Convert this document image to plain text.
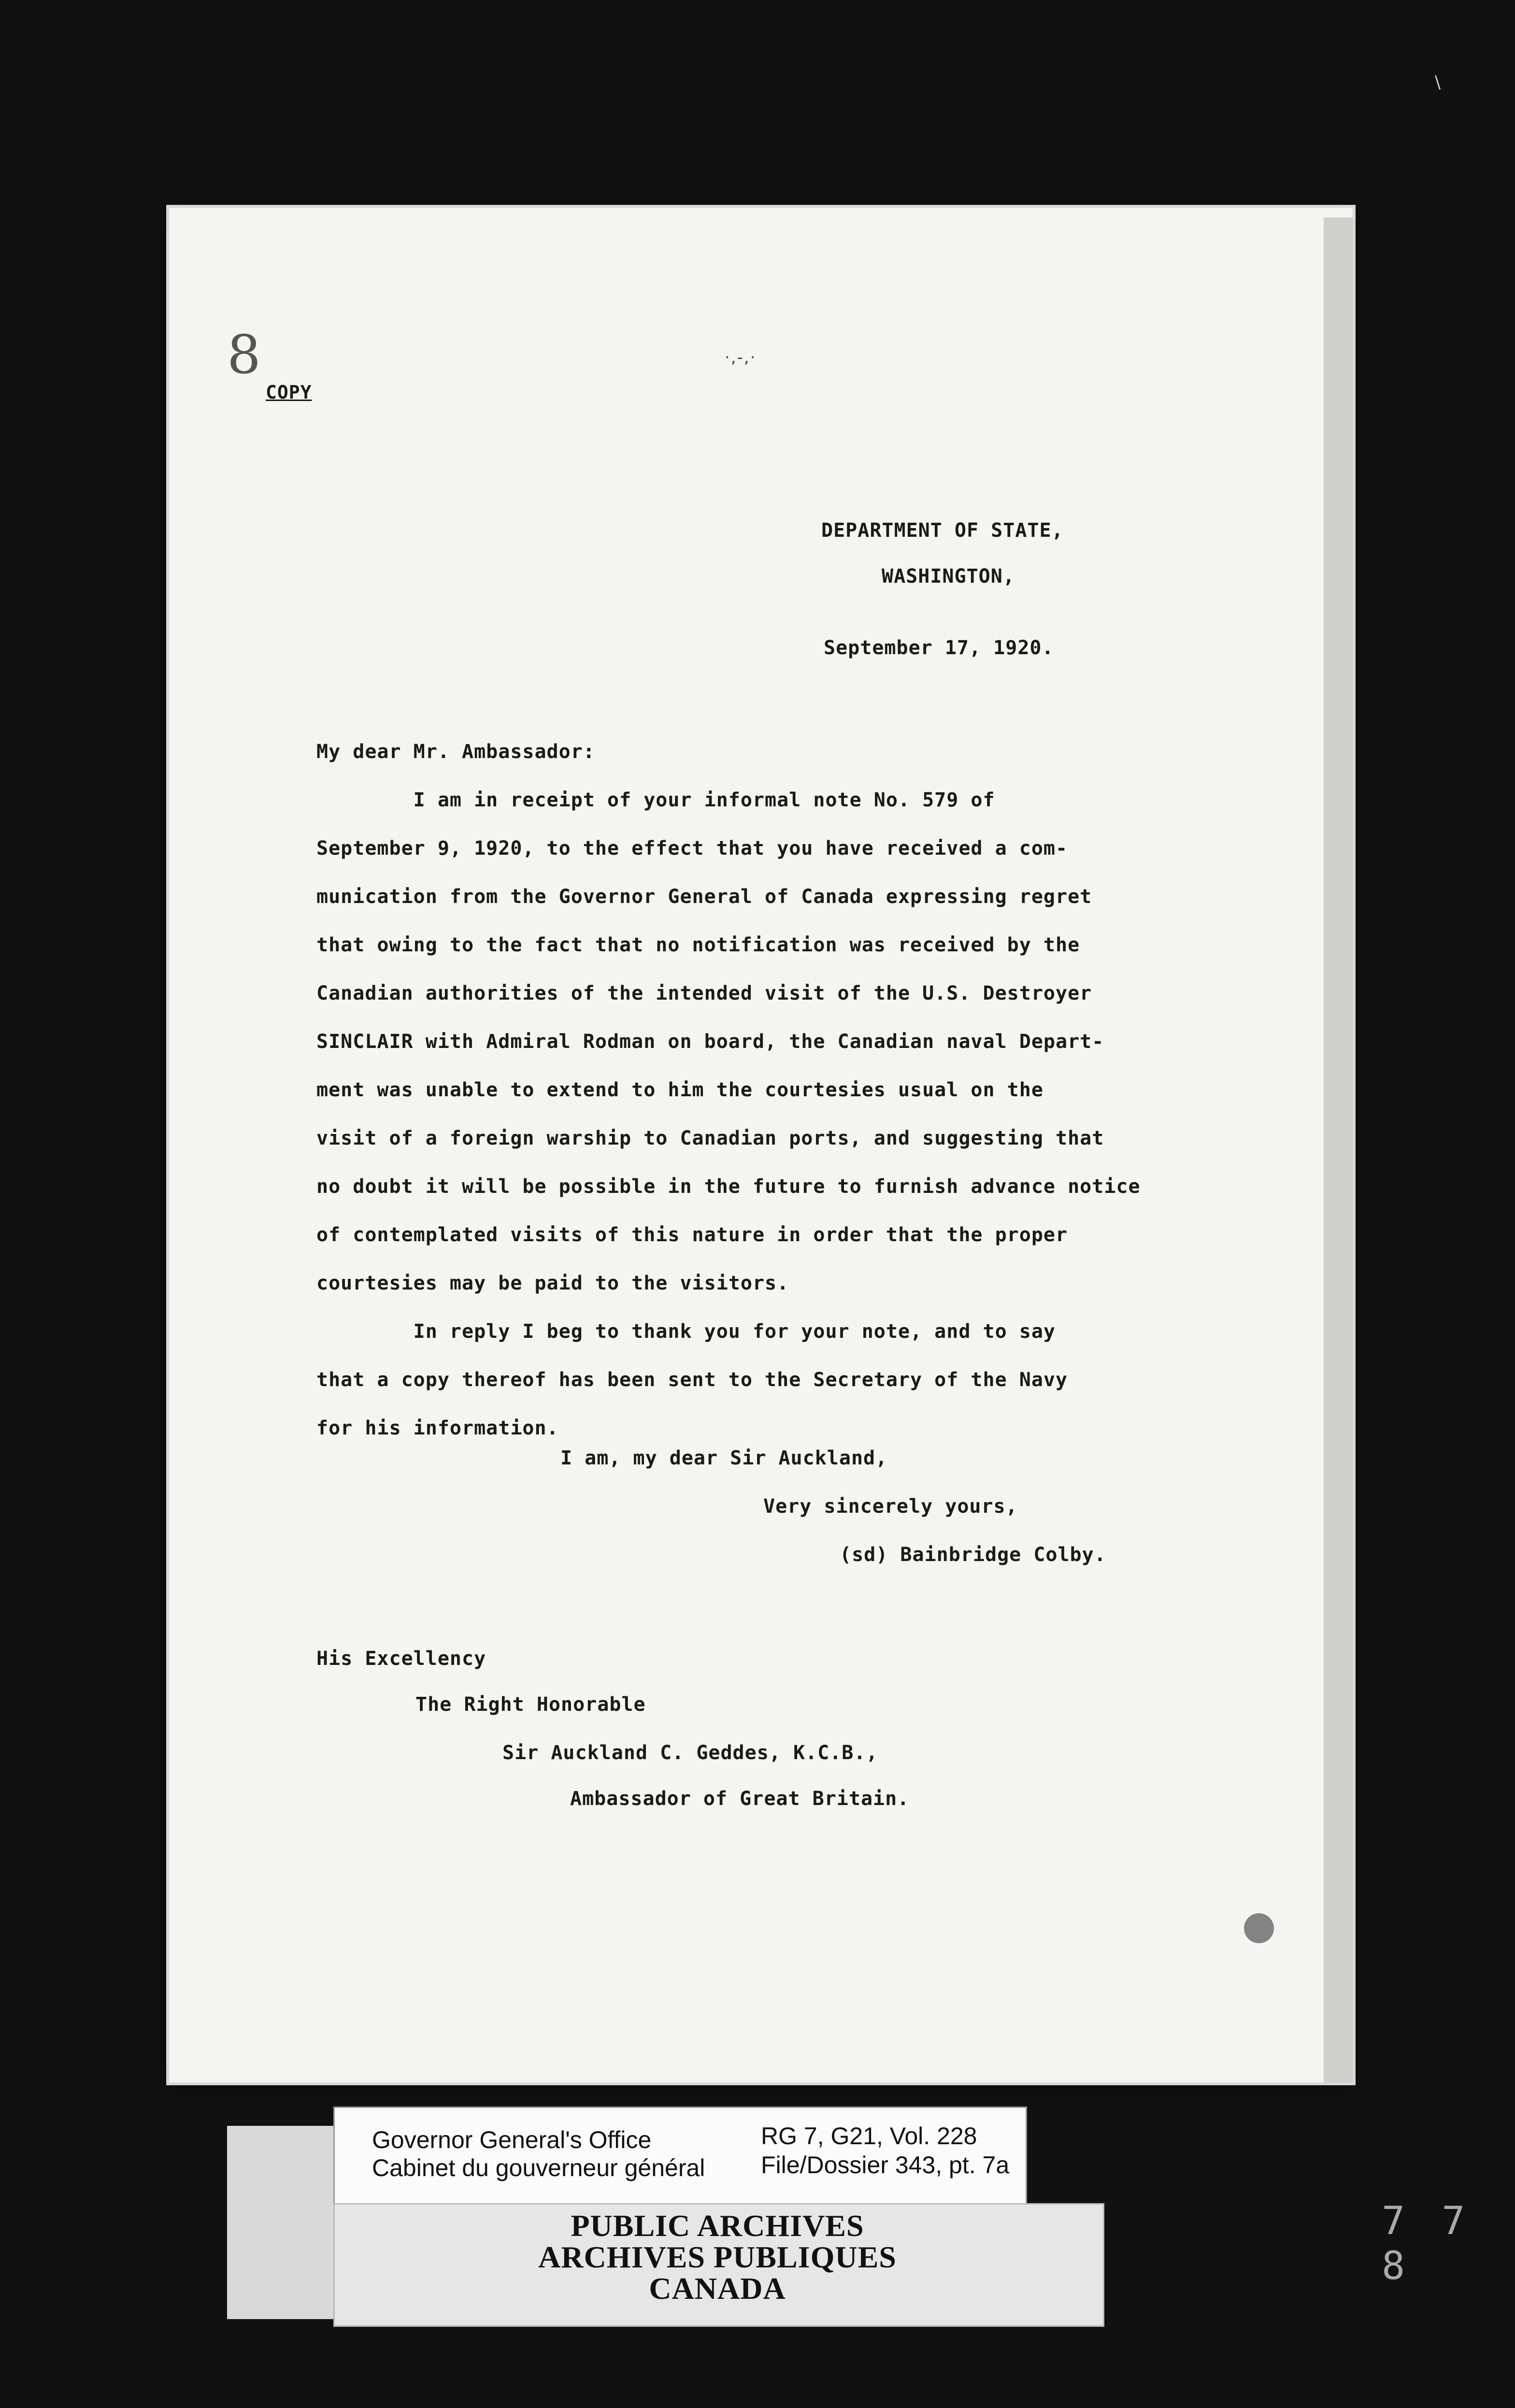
8	·,-,·
COPY
DEPARTMENT OF STATE,
WASHINGTON,
September 17, 1920.
My dear Mr. Ambassador:
I am in receipt of your informal note No. 579 of
September 9, 1920, to the effect that you have received a com-
munication from the Governor General of Canada expressing regret
that owing to the fact that no notification was received by the
Canadian authorities of the intended visit of the U.S. Destroyer
SINCLAIR with Admiral Rodman on board, the Canadian naval Depart-
ment was unable to extend to him the courtesies usual on the
visit of a foreign warship to Canadian ports, and suggesting that
no doubt it will be possible in the future to furnish advance notice
of contemplated visits of this nature in order that the proper
courtesies may be paid to the visitors.
In reply I beg to thank you for your note, and to say
that a copy thereof has been sent to the Secretary of the Navy
for his information.
I am, my dear Sir Auckland,
Very sincerely yours,
(sd) Bainbridge Colby.
His Excellency
The Right Honorable
Sir Auckland C. Geddes, K.C.B.,
Ambassador of Great Britain.
Governor General's Office
Cabinet du gouverneur général
RG 7, G21, Vol. 228
File/Dossier 343, pt. 7a
PUBLIC ARCHIVES
ARCHIVES PUBLIQUES
CANADA
7 7 8
\
